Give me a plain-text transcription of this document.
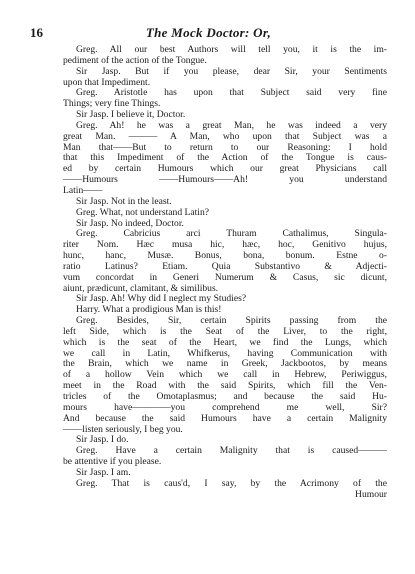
16	The Mock Doctor: Or,
Greg. All our best Authors will tell you, it is the im-
pediment of the action of the Tongue.
Sir Jasp. But if you please, dear Sir, your Sentiments
upon that Impediment.
Greg. Aristotle has upon that Subject said very fine
Things; very fine Things.
Sir Jasp. I believe it, Doctor.
Greg. Ah! he was a great Man, he was indeed a very
great Man. ——— A Man, who upon that Subject was a
Man that——But to return to our Reasoning: I hold
that this Impediment of the Action of the Tongue is caus-
ed by certain Humours which our great Physicians call
——Humours ——Humours——Ah! you understand
Latin——
Sir Jasp. Not in the least.
Greg. What, not understand Latin?
Sir Jasp. No indeed, Doctor.
Greg. Cabricius arci Thuram Cathalimus, Singula-
riter Nom. Hæc musa hic, hæc, hoc, Genitivo hujus,
hunc, hanc, Musæ. Bonus, bona, bonum. Estne o-
ratio Latinus? Etiam. Quia Substantivo & Adjecti-
vum concordat in Generi Numerum & Casus, sic dicunt,
aiunt, prædicunt, clamitant, & similibus.
Sir Jasp. Ah! Why did I neglect my Studies?
Harry. What a prodigious Man is this!
Greg. Besides, Sir, certain Spirits passing from the
left Side, which is the Seat of the Liver, to the right,
which is the seat of the Heart, we find the Lungs, which
we call in Latin, Whifkerus, having Communication with
the Brain, which we name in Greek, Jackbootos, by means
of a hollow Vein which we call in Hebrew, Periwiggus,
meet in the Road with the said Spirits, which fill the Ven-
tricles of the Omotaplasmus; and because the said Hu-
mours have————you comprehend me well, Sir?
And because the said Humours have a certain Malignity
——listen seriously, I beg you.
Sir Jasp. I do.
Greg. Have a certain Malignity that is caused———
be attentive if you please.
Sir Jasp. I am.
Greg. That is caus'd, I say, by the Acrimony of the
Humour
